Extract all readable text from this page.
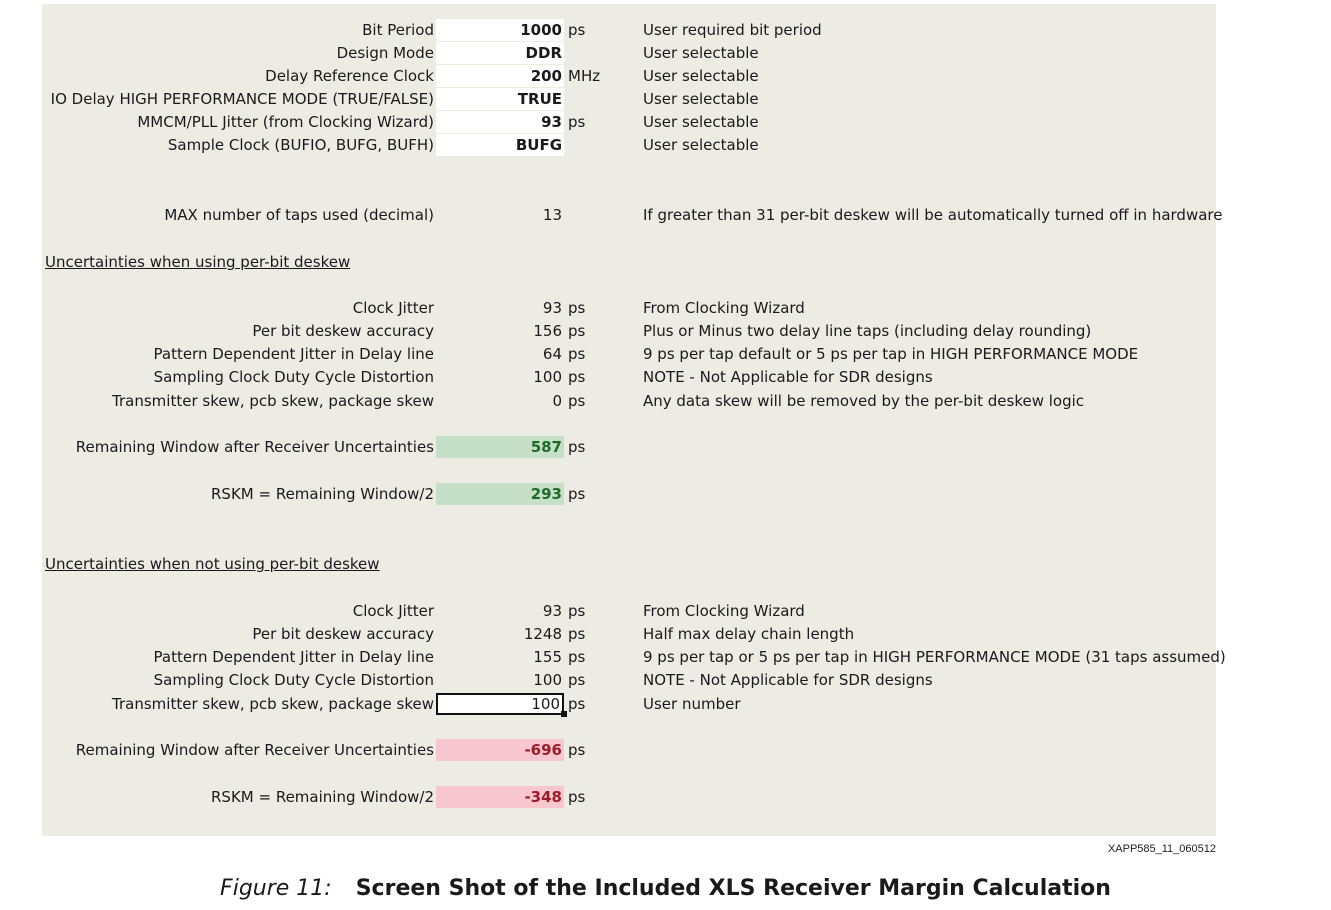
Bit Period	1000 ps	User required bit period
Design Mode	DDR	User selectable
Delay Reference Clock	200 MHz	User selectable
IO Delay HIGH PERFORMANCE MODE (TRUE/FALSE)	TRUE	User selectable
MMCM/PLL Jitter (from Clocking Wizard)	93 ps	User selectable
Sample Clock (BUFIO, BUFG, BUFH)	BUFG	User selectable
MAX number of taps used (decimal)	13	If greater than 31 per-bit deskew will be automatically turned off in hardware
Uncertainties when using per-bit deskew
Clock Jitter	93 ps	From Clocking Wizard
Per bit deskew accuracy	156 ps	Plus or Minus two delay line taps (including delay rounding)
Pattern Dependent Jitter in Delay line	64 ps	9 ps per tap default or 5 ps per tap in HIGH PERFORMANCE MODE
Sampling Clock Duty Cycle Distortion	100 ps	NOTE - Not Applicable for SDR designs
Transmitter skew, pcb skew, package skew	0 ps	Any data skew will be removed by the per-bit deskew logic
Remaining Window after Receiver Uncertainties	587 ps
RSKM = Remaining Window/2	293 ps
Uncertainties when not using per-bit deskew
Clock Jitter	93 ps	From Clocking Wizard
Per bit deskew accuracy	1248 ps	Half max delay chain length
Pattern Dependent Jitter in Delay line	155 ps	9 ps per tap or 5 ps per tap in HIGH PERFORMANCE MODE (31 taps assumed)
Sampling Clock Duty Cycle Distortion	100 ps	NOTE - Not Applicable for SDR designs
Transmitter skew, pcb skew, package skew	100 ps	User number
Remaining Window after Receiver Uncertainties	-696 ps
RSKM = Remaining Window/2	-348 ps
XAPP585_11_060512
Figure 11: Screen Shot of the Included XLS Receiver Margin Calculation
